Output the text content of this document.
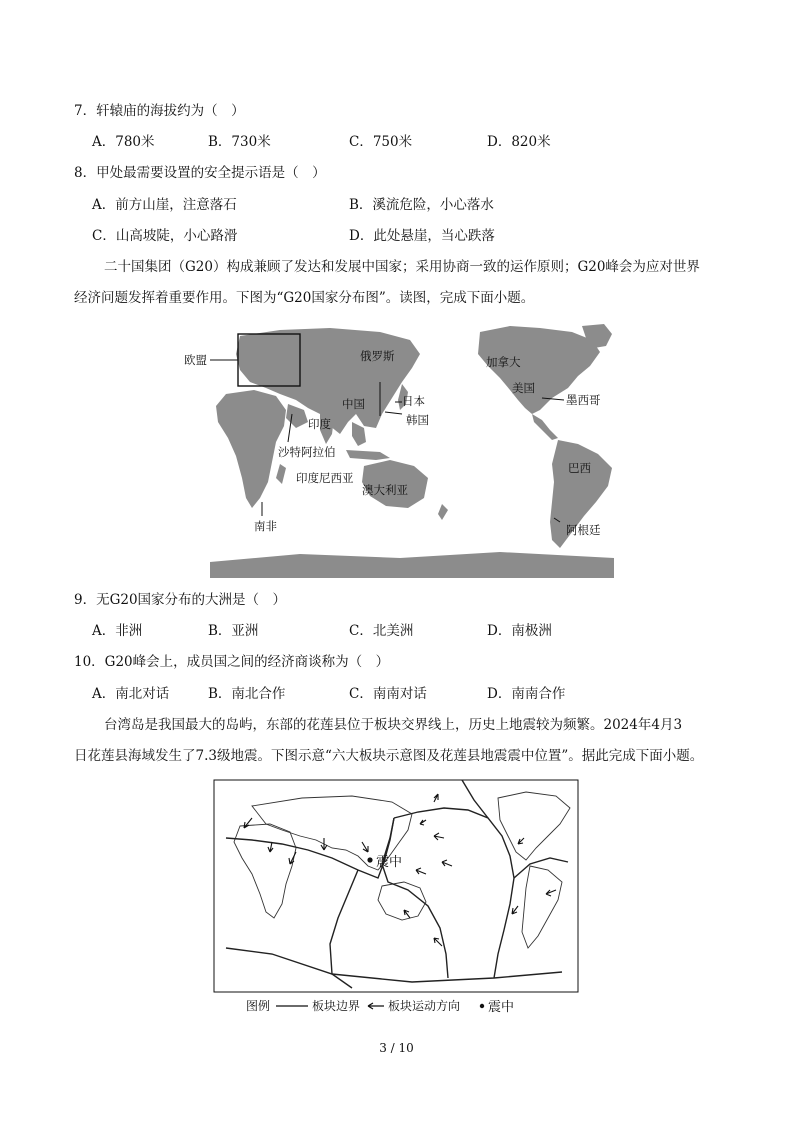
7．轩辕庙的海拔约为（　）
A．780米	B．730米	C．750米	D．820米
8．甲处最需要设置的安全提示语是（　）
A．前方山崖，注意落石	B．溪流危险，小心落水
C．山高坡陡，小心路滑	D．此处悬崖，当心跌落
二十国集团（G20）构成兼顾了发达和发展中国家；采用协商一致的运作原则；G20峰会为应对世界
经济问题发挥着重要作用。下图为“G20国家分布图”。读图，完成下面小题。
欧盟	俄罗斯	加拿大
美国
墨西哥
日本
中国
韩国
印度
沙特阿拉伯
印度尼西亚
澳大利亚
巴西
南非	阿根廷
9．无G20国家分布的大洲是（　）
A．非洲	B．亚洲	C．北美洲	D．南极洲
10．G20峰会上，成员国之间的经济商谈称为（　）
A．南北对话	B．南北合作	C．南南对话	D．南南合作
台湾岛是我国最大的岛屿，东部的花莲县位于板块交界线上，历史上地震较为频繁。2024年4月3
日花莲县海域发生了7.3级地震。下图示意“六大板块示意图及花莲县地震震中位置”。据此完成下面小题。
震中
图例	板块边界 板块运动方向 震中
3 / 10
